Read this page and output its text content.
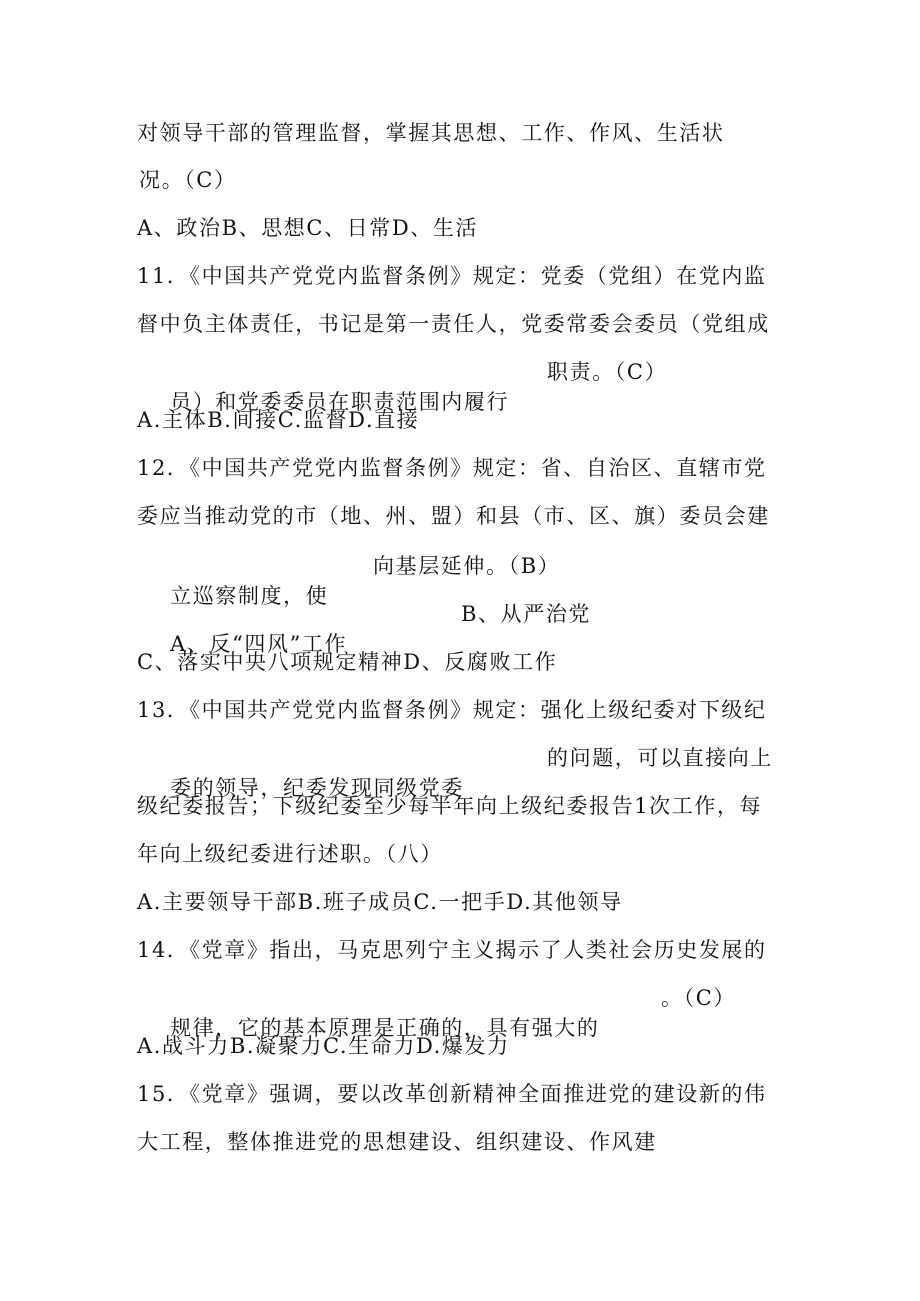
对领导干部的管理监督，掌握其思想、工作、作风、生活状
况。（C）
A、政治B、思想C、日常D、生活
11．《中国共产党党内监督条例》规定：党委（党组）在党内监
督中负主体责任，书记是第一责任人，党委常委会委员（党组成

员）和党委委员在职责范围内履行

职责。（C）

A.主体B.间接C.监督D.直接
12．《中国共产党党内监督条例》规定：省、自治区、直辖市党
委应当推动党的市（地、州、盟）和县（市、区、旗）委员会建

立巡察制度，使

向基层延伸。（B）

A、反“四风”工作

B、从严治党

C、落实中央八项规定精神D、反腐败工作
13．《中国共产党党内监督条例》规定：强化上级纪委对下级纪

委的领导，纪委发现同级党委

的问题，可以直接向上

级纪委报告；下级纪委至少每半年向上级纪委报告1次工作，每
年向上级纪委进行述职。（八）
A.主要领导干部B.班子成员C.一把手D.其他领导
14．《党章》指出，马克思列宁主义揭示了人类社会历史发展的

规律，它的基本原理是正确的，具有强大的

。（C）

A.战斗力B.凝聚力C.生命力D.爆发力
15．《党章》强调，要以改革创新精神全面推进党的建设新的伟
大工程，整体推进党的思想建设、组织建设、作风建
